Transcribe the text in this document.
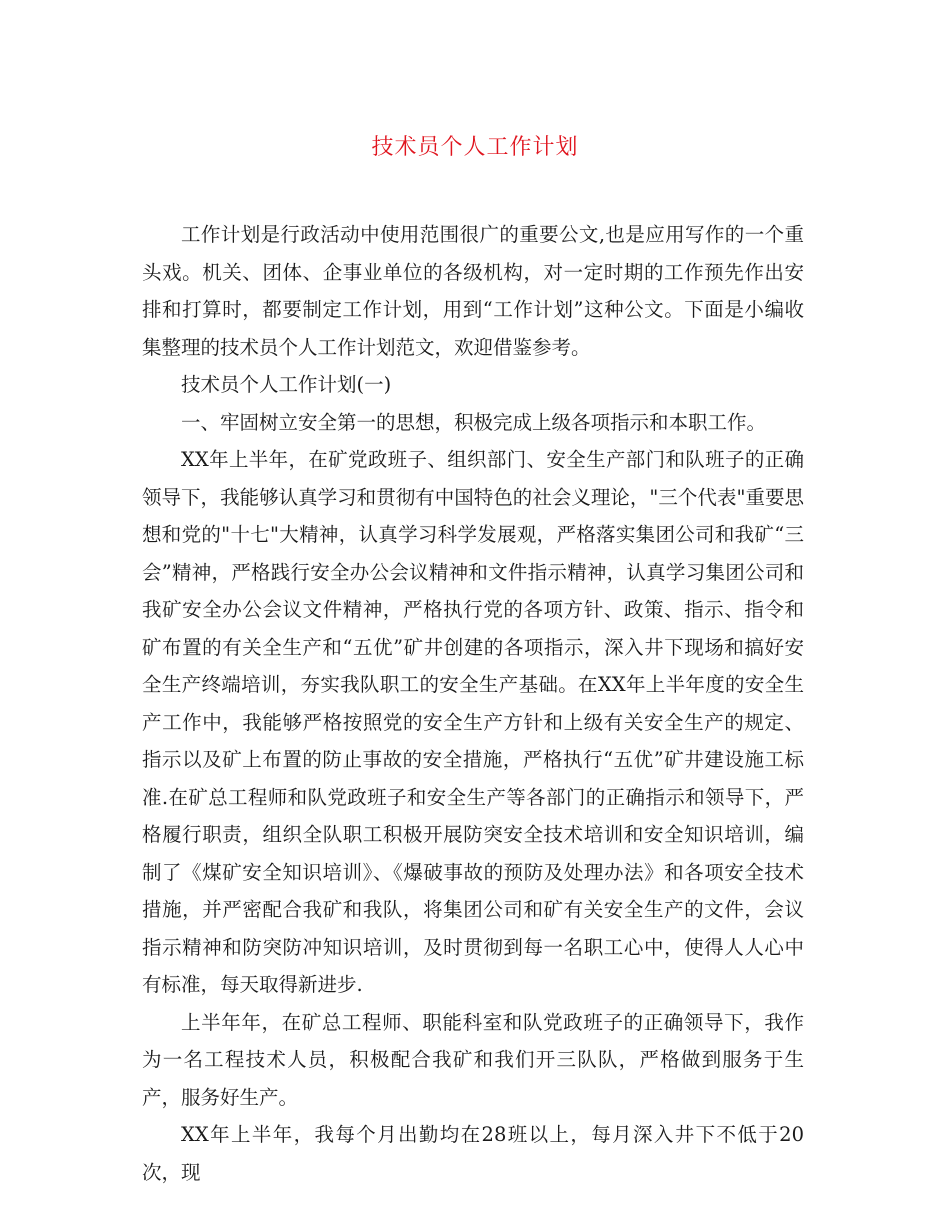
技术员个人工作计划

工作计划是行政活动中使用范围很广的重要公文,也是应用写作的一个重头戏。机关、团体、企事业单位的各级机构，对一定时期的工作预先作出安排和打算时，都要制定工作计划，用到“工作计划”这种公文。下面是小编收集整理的技术员个人工作计划范文，欢迎借鉴参考。

技术员个人工作计划(一)

一、牢固树立安全第一的思想，积极完成上级各项指示和本职工作。

XX年上半年，在矿党政班子、组织部门、安全生产部门和队班子的正确领导下，我能够认真学习和贯彻有中国特色的社会义理论，"三个代表"重要思想和党的"十七"大精神，认真学习科学发展观，严格落实集团公司和我矿“三会”精神，严格践行安全办公会议精神和文件指示精神，认真学习集团公司和我矿安全办公会议文件精神，严格执行党的各项方针、政策、指示、指令和矿布置的有关全生产和“五优”矿井创建的各项指示，深入井下现场和搞好安全生产终端培训，夯实我队职工的安全生产基础。在XX年上半年度的安全生产工作中，我能够严格按照党的安全生产方针和上级有关安全生产的规定、指示以及矿上布置的防止事故的安全措施，严格执行“五优”矿井建设施工标准.在矿总工程师和队党政班子和安全生产等各部门的正确指示和领导下，严格履行职责，组织全队职工积极开展防突安全技术培训和安全知识培训，编制了《煤矿安全知识培训》、《爆破事故的预防及处理办法》和各项安全技术措施，并严密配合我矿和我队，将集团公司和矿有关安全生产的文件，会议指示精神和防突防冲知识培训，及时贯彻到每一名职工心中，使得人人心中有标准，每天取得新进步.

上半年年，在矿总工程师、职能科室和队党政班子的正确领导下，我作为一名工程技术人员，积极配合我矿和我们开三队队，严格做到服务于生产，服务好生产。

XX年上半年，我每个月出勤均在28班以上，每月深入井下不低于20次，现
